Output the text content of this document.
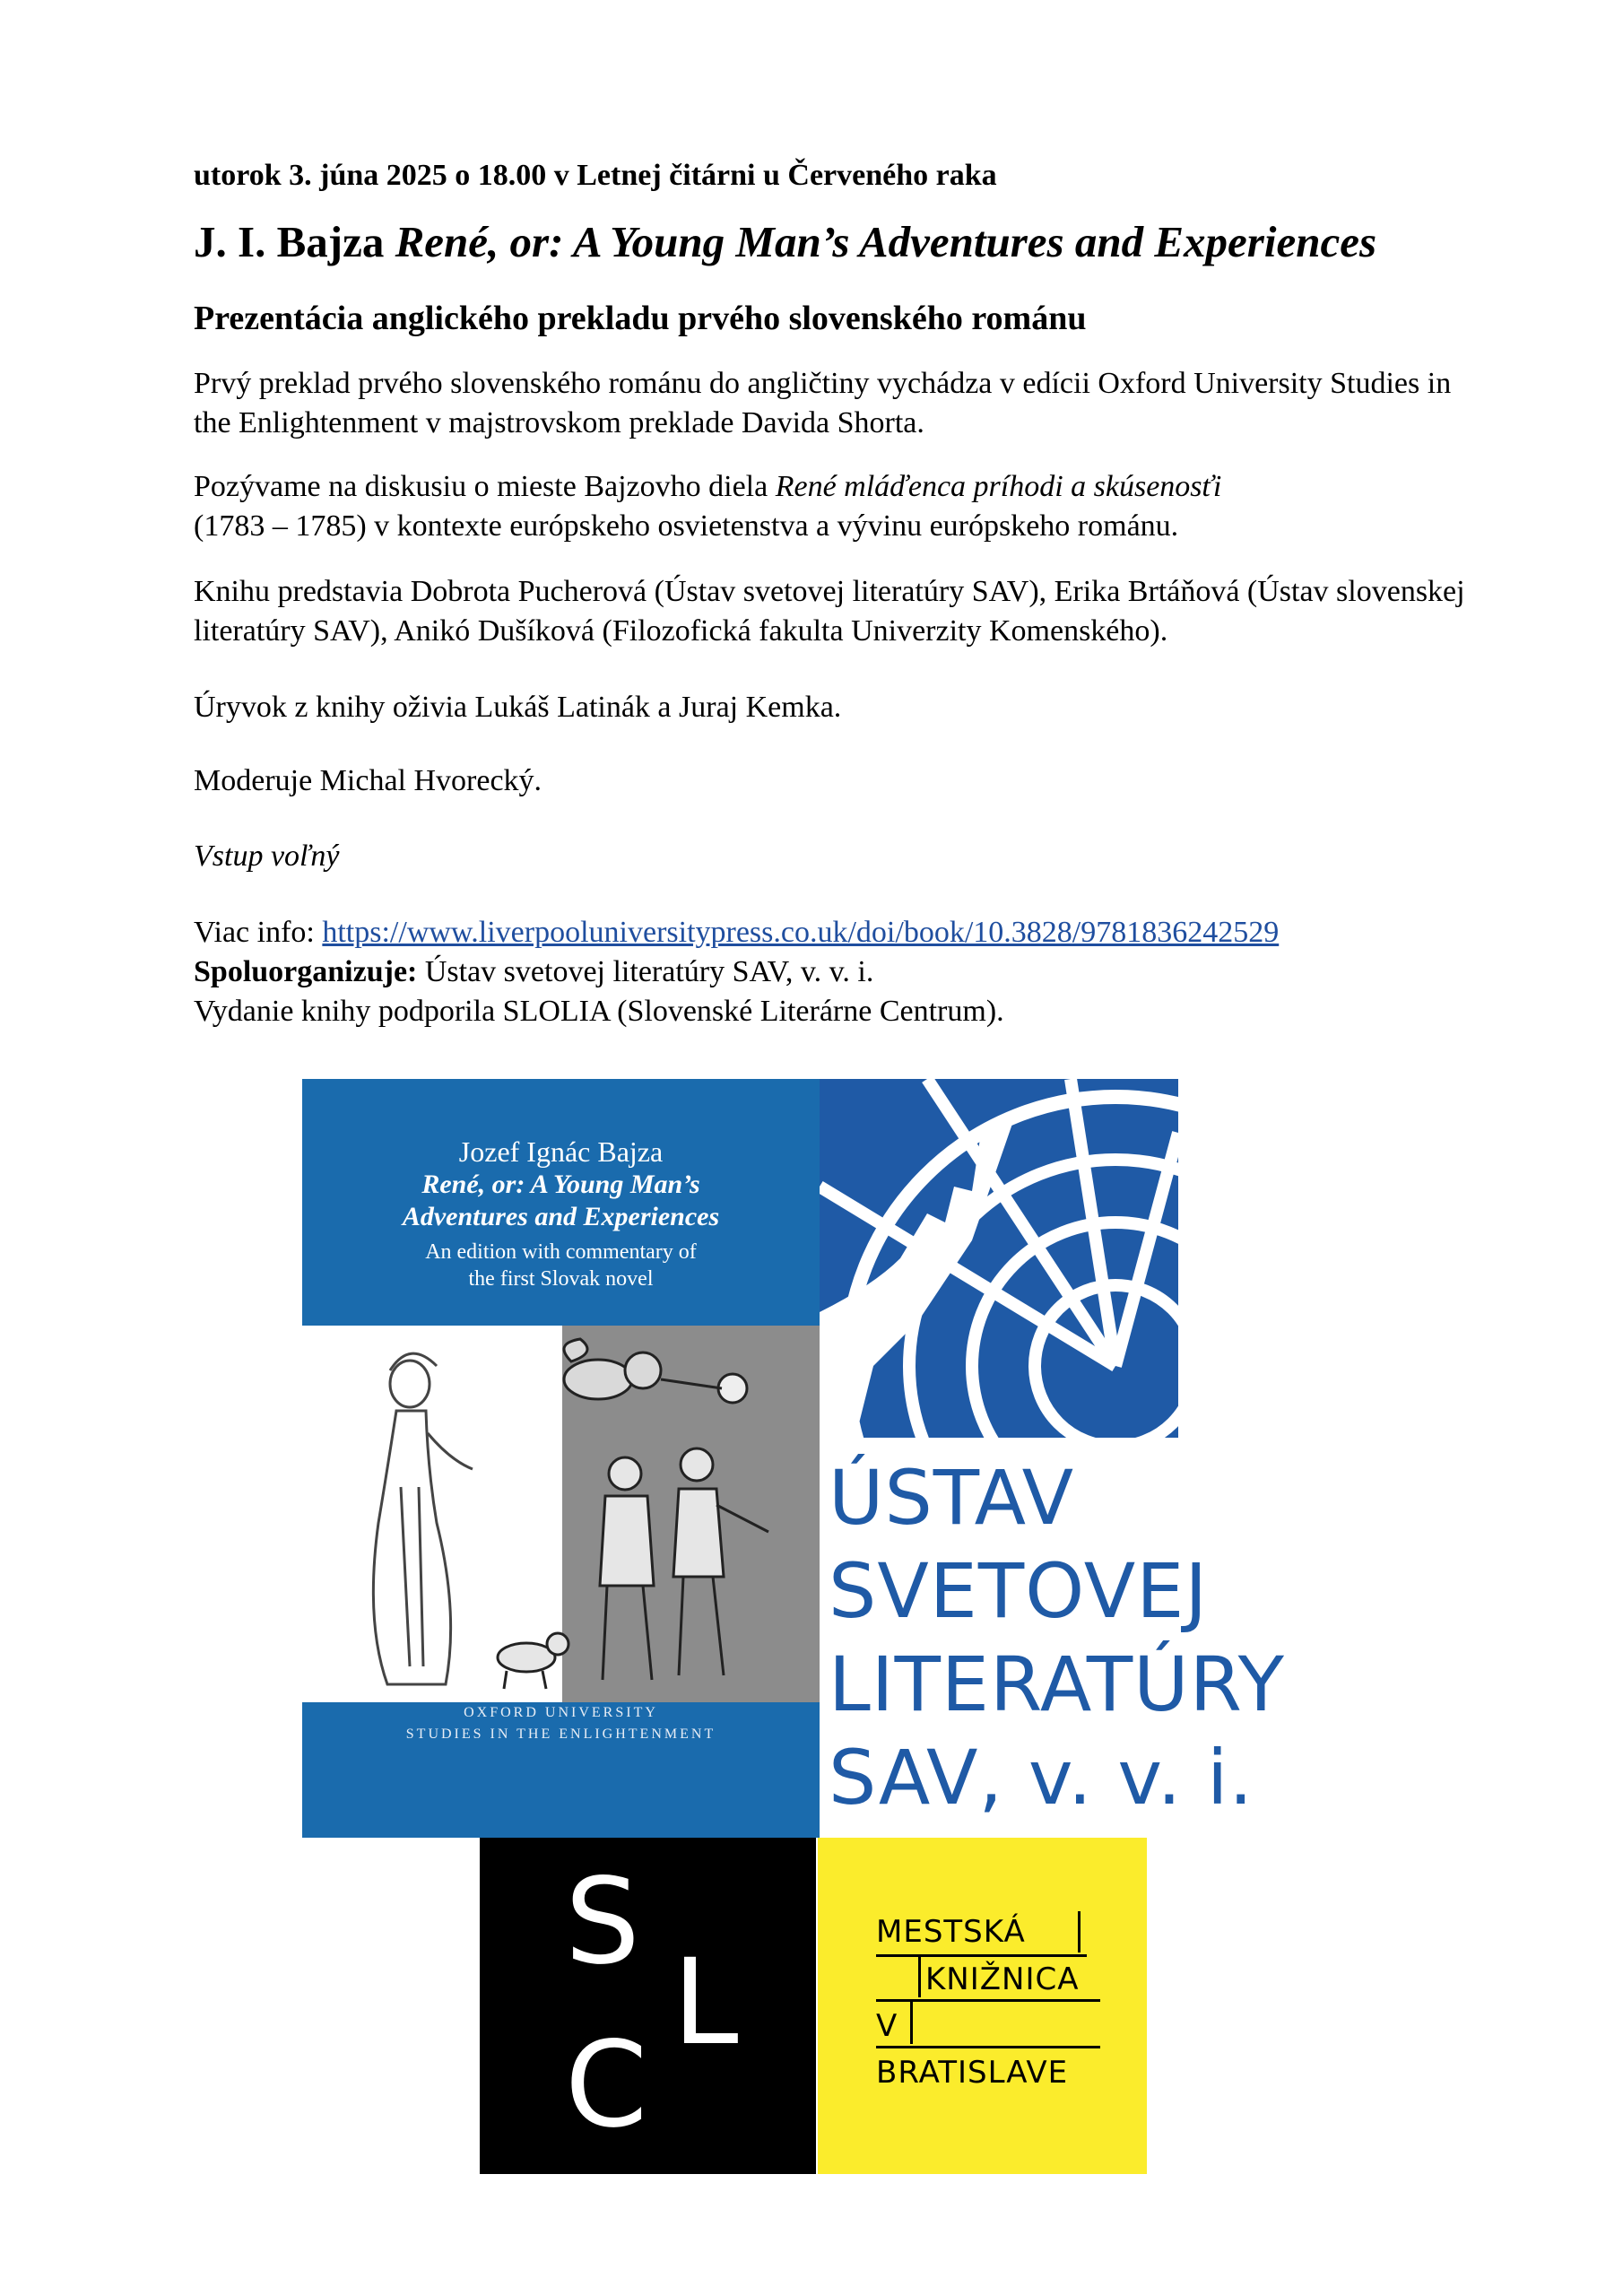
utorok 3. júna 2025 o 18.00 v Letnej čitárni u Červeného raka
J. I. Bajza René, or: A Young Man’s Adventures and Experiences
Prezentácia anglického prekladu prvého slovenského románu
Prvý preklad prvého slovenského románu do angličtiny vychádza v edícii Oxford University Studies in the Enlightenment v majstrovskom preklade Davida Shorta.
Pozývame na diskusiu o mieste Bajzovho diela René mláďenca príhodi a skúsenosťi
(1783 – 1785) v kontexte európskeho osvietenstva a vývinu európskeho románu.
Knihu predstavia Dobrota Pucherová (Ústav svetovej literatúry SAV), Erika Brtáňová (Ústav slovenskej literatúry SAV), Anikó Dušíková (Filozofická fakulta Univerzity Komenského).
Úryvok z knihy oživia Lukáš Latinák a Juraj Kemka.
Moderuje Michal Hvorecký.
Vstup voľný
Viac info: https://www.liverpooluniversitypress.co.uk/doi/book/10.3828/9781836242529
Spoluorganizuje: Ústav svetovej literatúry SAV, v. v. i.
Vydanie knihy podporila SLOLIA (Slovenské Literárne Centrum).
Jozef Ignác Bajza
René, or: A Young Man’s
Adventures and Experiences
An edition with commentary of
the first Slovak novel
OXFORD UNIVERSITY
STUDIES IN THE ENLIGHTENMENT
ÚSTAV
SVETOVEJ
LITERATÚRY
SAV, v. v. i.
S
L
C
MESTSKÁ
KNIŽNICA
V
BRATISLAVE
